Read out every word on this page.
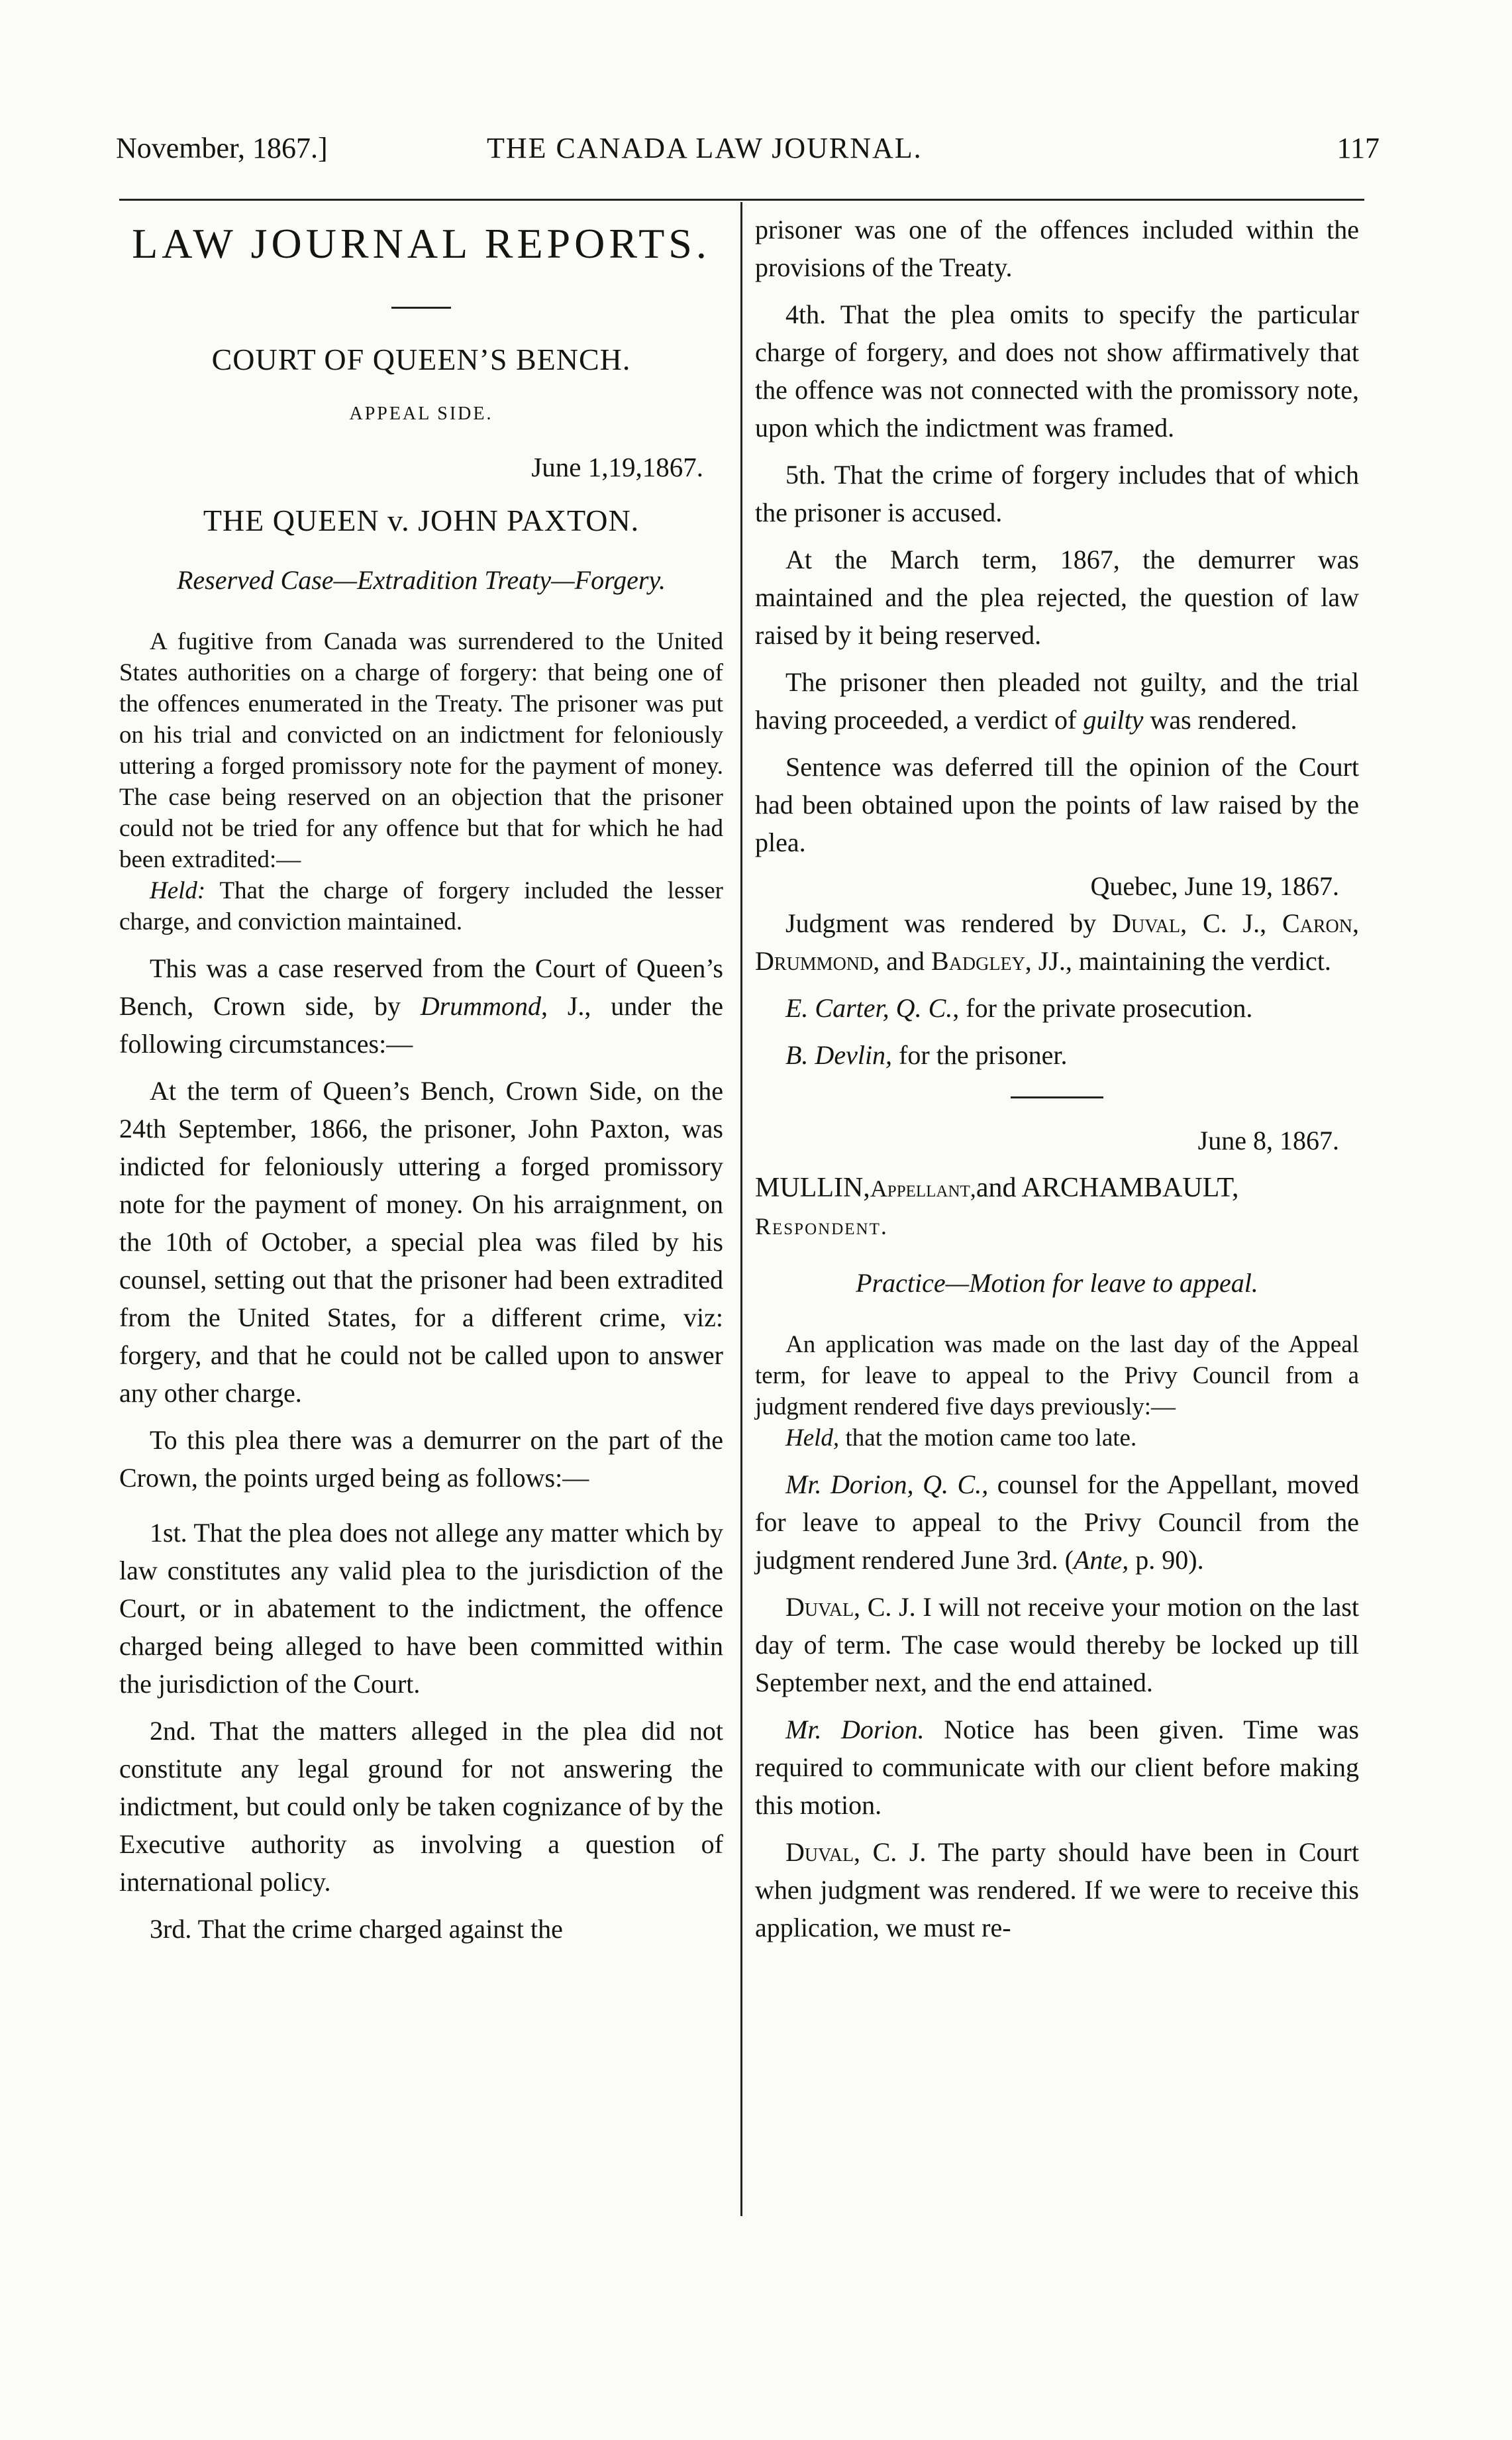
November, 1867.]	THE CANADA LAW JOURNAL.	117
LAW JOURNAL REPORTS.
COURT OF QUEEN’S BENCH.
APPEAL SIDE.
June 1,19,1867.
THE QUEEN v. JOHN PAXTON.
Reserved Case—Extradition Treaty—Forgery.

A fugitive from Canada was surrendered to the United States authorities on a charge of forgery: that being one of the offences enumerated in the Treaty. The prisoner was put on his trial and convicted on an indictment for feloniously uttering a forged promissory note for the payment of money. The case being reserved on an objection that the prisoner could not be tried for any offence but that for which he had been extradited:—

Held: That the charge of forgery included the lesser charge, and conviction maintained.

This was a case reserved from the Court of Queen’s Bench, Crown side, by Drummond, J., under the following circumstances:—

At the term of Queen’s Bench, Crown Side, on the 24th September, 1866, the prisoner, John Paxton, was indicted for feloniously uttering a forged promissory note for the payment of money. On his arraignment, on the 10th of October, a special plea was filed by his counsel, setting out that the prisoner had been extradited from the United States, for a different crime, viz: forgery, and that he could not be called upon to answer any other charge.

To this plea there was a demurrer on the part of the Crown, the points urged being as follows:—

1st. That the plea does not allege any matter which by law constitutes any valid plea to the jurisdiction of the Court, or in abatement to the indictment, the offence charged being alleged to have been committed within the jurisdiction of the Court.

2nd. That the matters alleged in the plea did not constitute any legal ground for not answering the indictment, but could only be taken cognizance of by the Executive authority as involving a question of international policy.

3rd. That the crime charged against the

prisoner was one of the offences included within the provisions of the Treaty.

4th. That the plea omits to specify the particular charge of forgery, and does not show affirmatively that the offence was not connected with the promissory note, upon which the indictment was framed.

5th. That the crime of forgery includes that of which the prisoner is accused.

At the March term, 1867, the demurrer was maintained and the plea rejected, the question of law raised by it being reserved.

The prisoner then pleaded not guilty, and the trial having proceeded, a verdict of guilty was rendered.

Sentence was deferred till the opinion of the Court had been obtained upon the points of law raised by the plea.

Quebec, June 19, 1867.

Judgment was rendered by Duval, C. J., Caron, Drummond, and Badgley, JJ., maintaining the verdict.

E. Carter, Q. C., for the private prosecution.

B. Devlin, for the prisoner.

June 8, 1867.
MULLIN,Appellant,and ARCHAMBAULT,
Respondent.
Practice—Motion for leave to appeal.

An application was made on the last day of the Appeal term, for leave to appeal to the Privy Council from a judgment rendered five days previously:—

Held, that the motion came too late.

Mr. Dorion, Q. C., counsel for the Appellant, moved for leave to appeal to the Privy Council from the judgment rendered June 3rd. (Ante, p. 90).

Duval, C. J. I will not receive your motion on the last day of term. The case would thereby be locked up till September next, and the end attained.

Mr. Dorion. Notice has been given. Time was required to communicate with our client before making this motion.

Duval, C. J. The party should have been in Court when judgment was rendered. If we were to receive this application, we must re-
